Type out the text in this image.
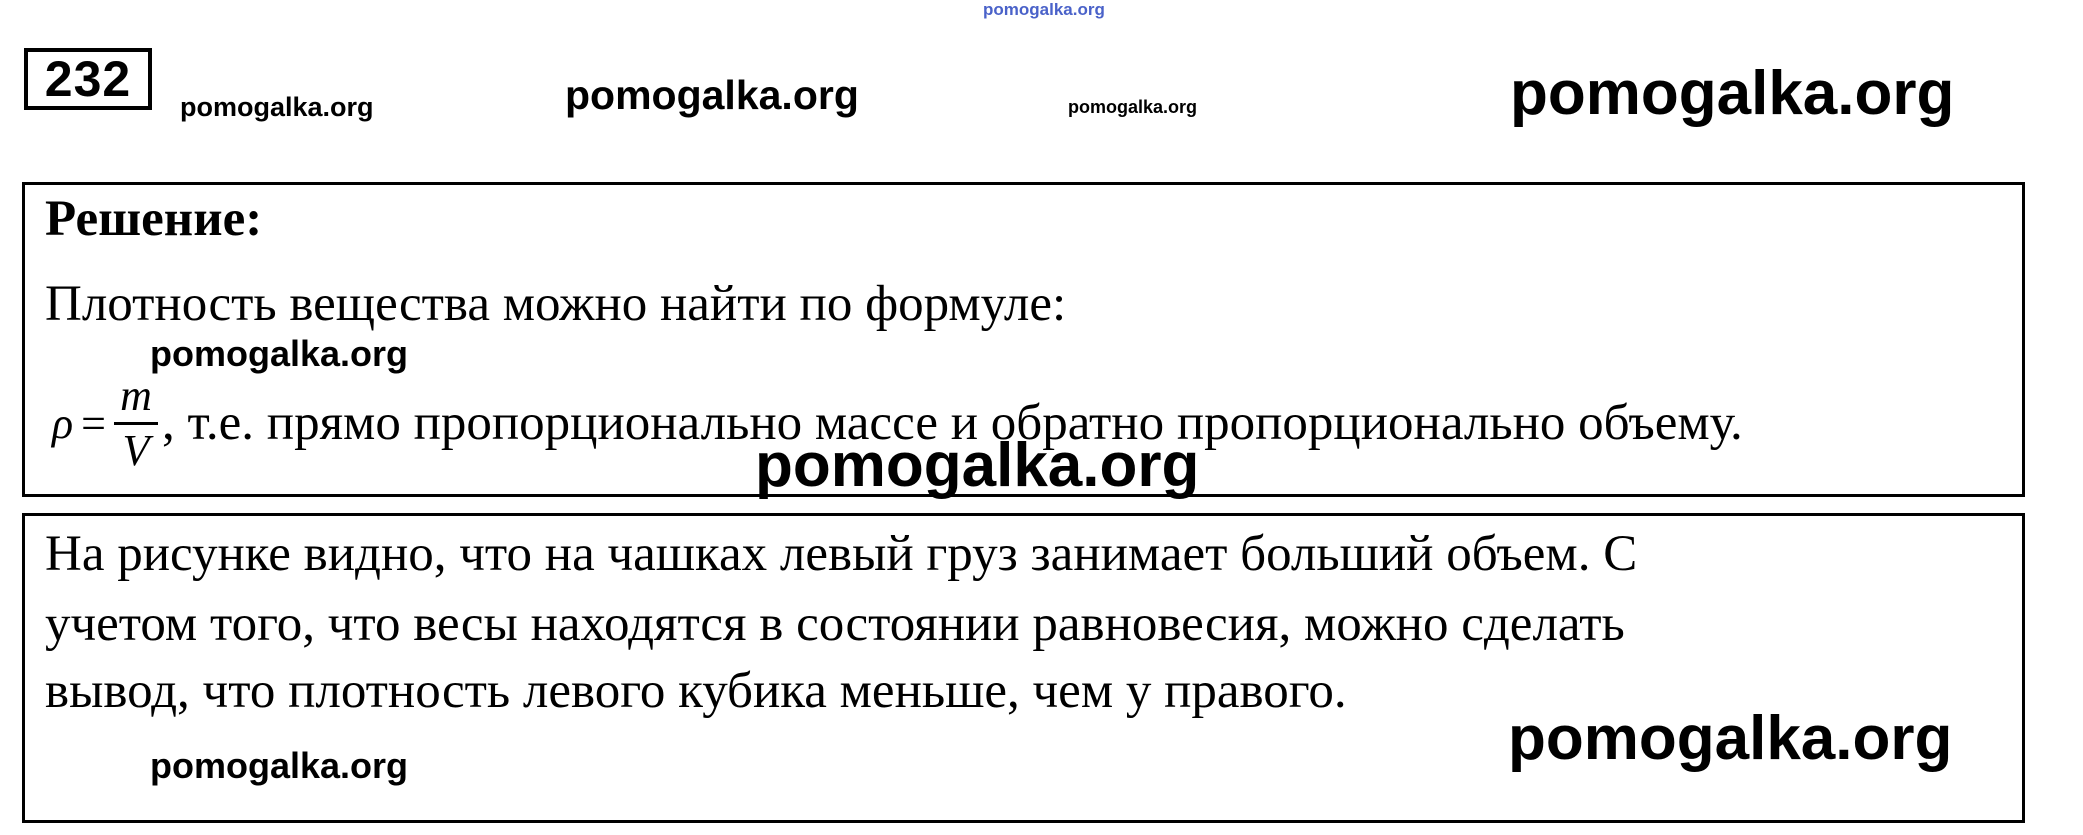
pomogalka.org
232	pomogalka.org	pomogalka.org	pomogalka.org	pomogalka.org
Решение:
Плотность вещества можно найти по формуле:
$\rho = \frac{m}{V}$ , т.е. прямо пропорционально массе и обратно пропорционально объему.
pomogalka.org
pomogalka.org
На рисунке видно, что на чашках левый груз занимает больший объем. С
учетом того, что весы находятся в состоянии равновесия, можно сделать
вывод, что плотность левого кубика меньше, чем у правого.
pomogalka.org
pomogalka.org
